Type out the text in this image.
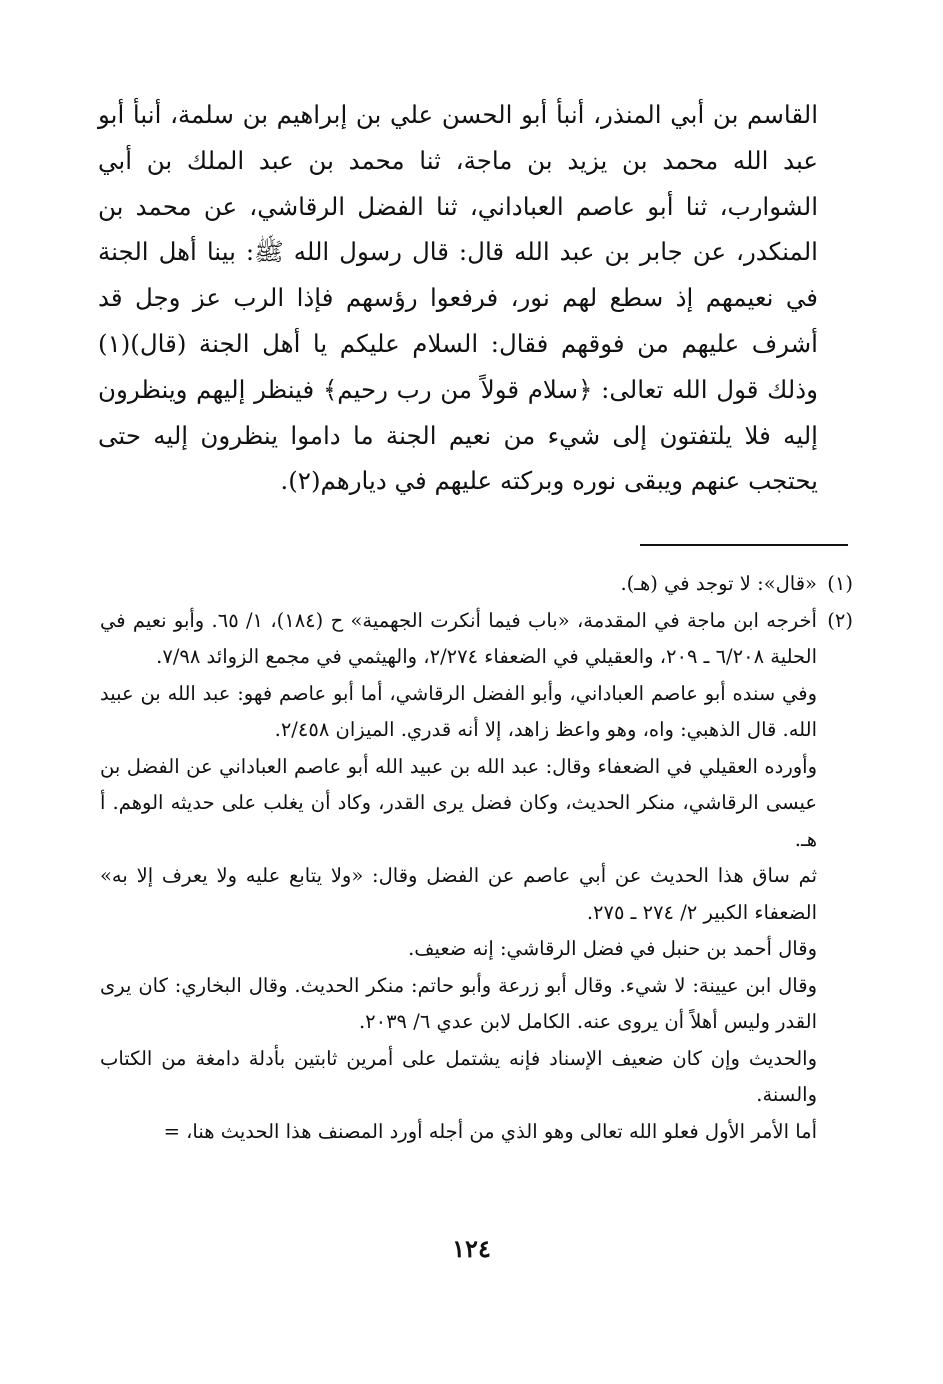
القاسم بن أبي المنذر، أنبأ أبو الحسن علي بن إبراهيم بن سلمة، أنبأ أبو عبد الله محمد بن يزيد بن ماجة، ثنا محمد بن عبد الملك بن أبي الشوارب، ثنا أبو عاصم العباداني، ثنا الفضل الرقاشي، عن محمد بن المنكدر، عن جابر بن عبد الله قال: قال رسول الله ﷺ: بينا أهل الجنة في نعيمهم إذ سطع لهم نور، فرفعوا رؤسهم فإذا الرب عز وجل قد أشرف عليهم من فوقهم فقال: السلام عليكم يا أهل الجنة (قال)(١) وذلك قول الله تعالى: ﴿سلام قولاً من رب رحيم﴾ فينظر إليهم وينظرون إليه فلا يلتفتون إلى شيء من نعيم الجنة ما داموا ينظرون إليه حتى يحتجب عنهم ويبقى نوره وبركته عليهم في ديارهم(٢).

(١)

«قال»: لا توجد في (هـ).

(٢)

أخرجه ابن ماجة في المقدمة، «باب فيما أنكرت الجهمية» ح (١٨٤)، ١/ ٦٥. وأبو نعيم في الحلية ٦/٢٠٨ ـ ٢٠٩، والعقيلي في الضعفاء ٢/٢٧٤، والهيثمي في مجمع الزوائد ٧/٩٨.

وفي سنده أبو عاصم العباداني، وأبو الفضل الرقاشي، أما أبو عاصم فهو: عبد الله بن عبيد الله. قال الذهبي: واه، وهو واعظ زاهد، إلا أنه قدري. الميزان ٢/٤٥٨.

وأورده العقيلي في الضعفاء وقال: عبد الله بن عبيد الله أبو عاصم العباداني عن الفضل بن عيسى الرقاشي، منكر الحديث، وكان فضل يرى القدر، وكاد أن يغلب على حديثه الوهم. أ هـ.

ثم ساق هذا الحديث عن أبي عاصم عن الفضل وقال: «ولا يتابع عليه ولا يعرف إلا به» الضعفاء الكبير ٢/ ٢٧٤ ـ ٢٧٥.

وقال أحمد بن حنبل في فضل الرقاشي: إنه ضعيف.

وقال ابن عيينة: لا شيء. وقال أبو زرعة وأبو حاتم: منكر الحديث. وقال البخاري: كان يرى القدر وليس أهلاً أن يروى عنه. الكامل لابن عدي ٦/ ٢٠٣٩.

والحديث وإن كان ضعيف الإسناد فإنه يشتمل على أمرين ثابتين بأدلة دامغة من الكتاب والسنة.

أما الأمر الأول فعلو الله تعالى وهو الذي من أجله أورد المصنف هذا الحديث هنا، =

١٢٤
